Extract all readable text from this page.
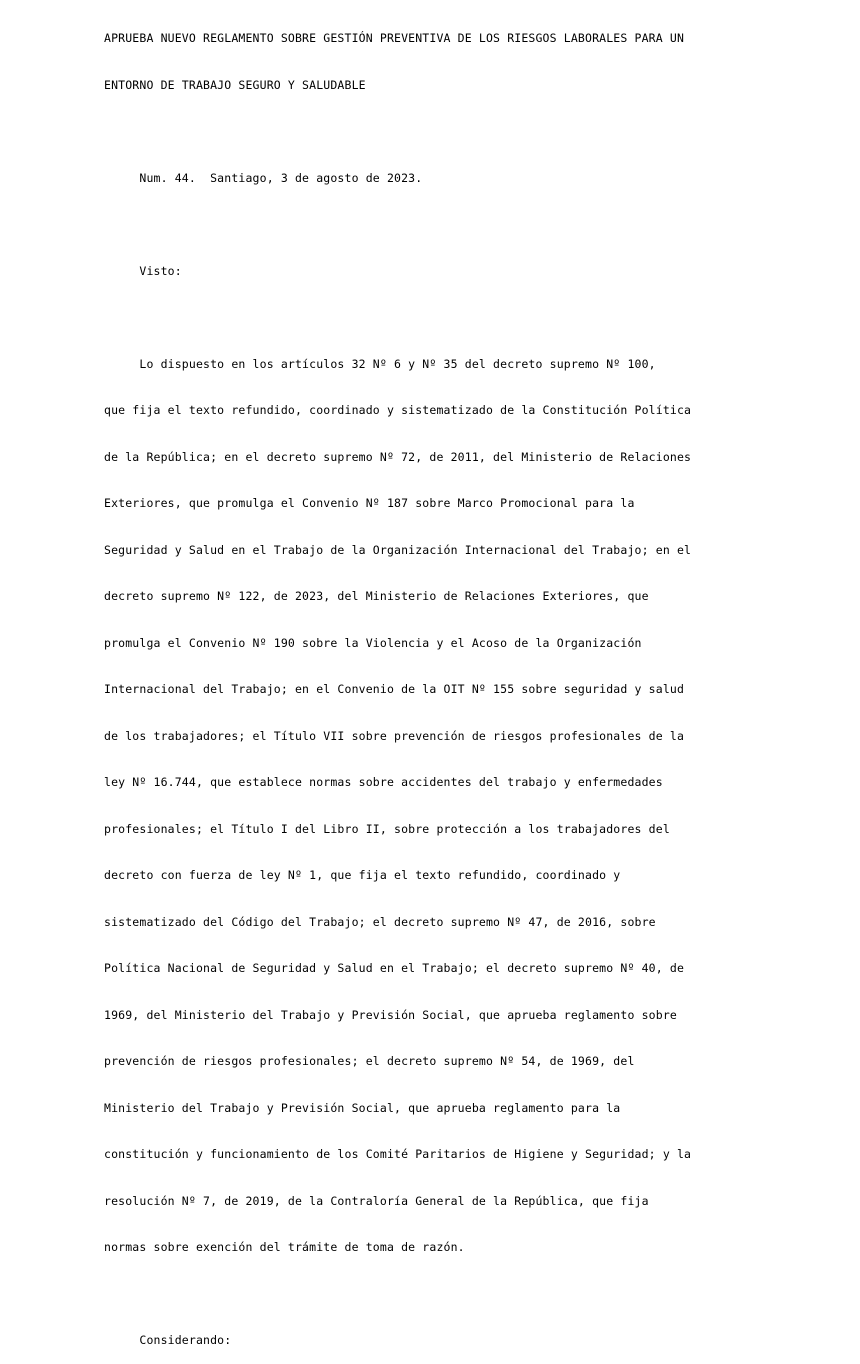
APRUEBA NUEVO REGLAMENTO SOBRE GESTIÓN PREVENTIVA DE LOS RIESGOS LABORALES PARA UN

ENTORNO DE TRABAJO SEGURO Y SALUDABLE

Num. 44.  Santiago, 3 de agosto de 2023.

Visto:

Lo dispuesto en los artículos 32 Nº 6 y Nº 35 del decreto supremo Nº 100,

que fija el texto refundido, coordinado y sistematizado de la Constitución Política

de la República; en el decreto supremo Nº 72, de 2011, del Ministerio de Relaciones

Exteriores, que promulga el Convenio Nº 187 sobre Marco Promocional para la

Seguridad y Salud en el Trabajo de la Organización Internacional del Trabajo; en el

decreto supremo Nº 122, de 2023, del Ministerio de Relaciones Exteriores, que

promulga el Convenio Nº 190 sobre la Violencia y el Acoso de la Organización

Internacional del Trabajo; en el Convenio de la OIT Nº 155 sobre seguridad y salud

de los trabajadores; el Título VII sobre prevención de riesgos profesionales de la

ley Nº 16.744, que establece normas sobre accidentes del trabajo y enfermedades

profesionales; el Título I del Libro II, sobre protección a los trabajadores del

decreto con fuerza de ley Nº 1, que fija el texto refundido, coordinado y

sistematizado del Código del Trabajo; el decreto supremo Nº 47, de 2016, sobre

Política Nacional de Seguridad y Salud en el Trabajo; el decreto supremo Nº 40, de

1969, del Ministerio del Trabajo y Previsión Social, que aprueba reglamento sobre

prevención de riesgos profesionales; el decreto supremo Nº 54, de 1969, del

Ministerio del Trabajo y Previsión Social, que aprueba reglamento para la

constitución y funcionamiento de los Comité Paritarios de Higiene y Seguridad; y la

resolución Nº 7, de 2019, de la Contraloría General de la República, que fija

normas sobre exención del trámite de toma de razón.

Considerando:
